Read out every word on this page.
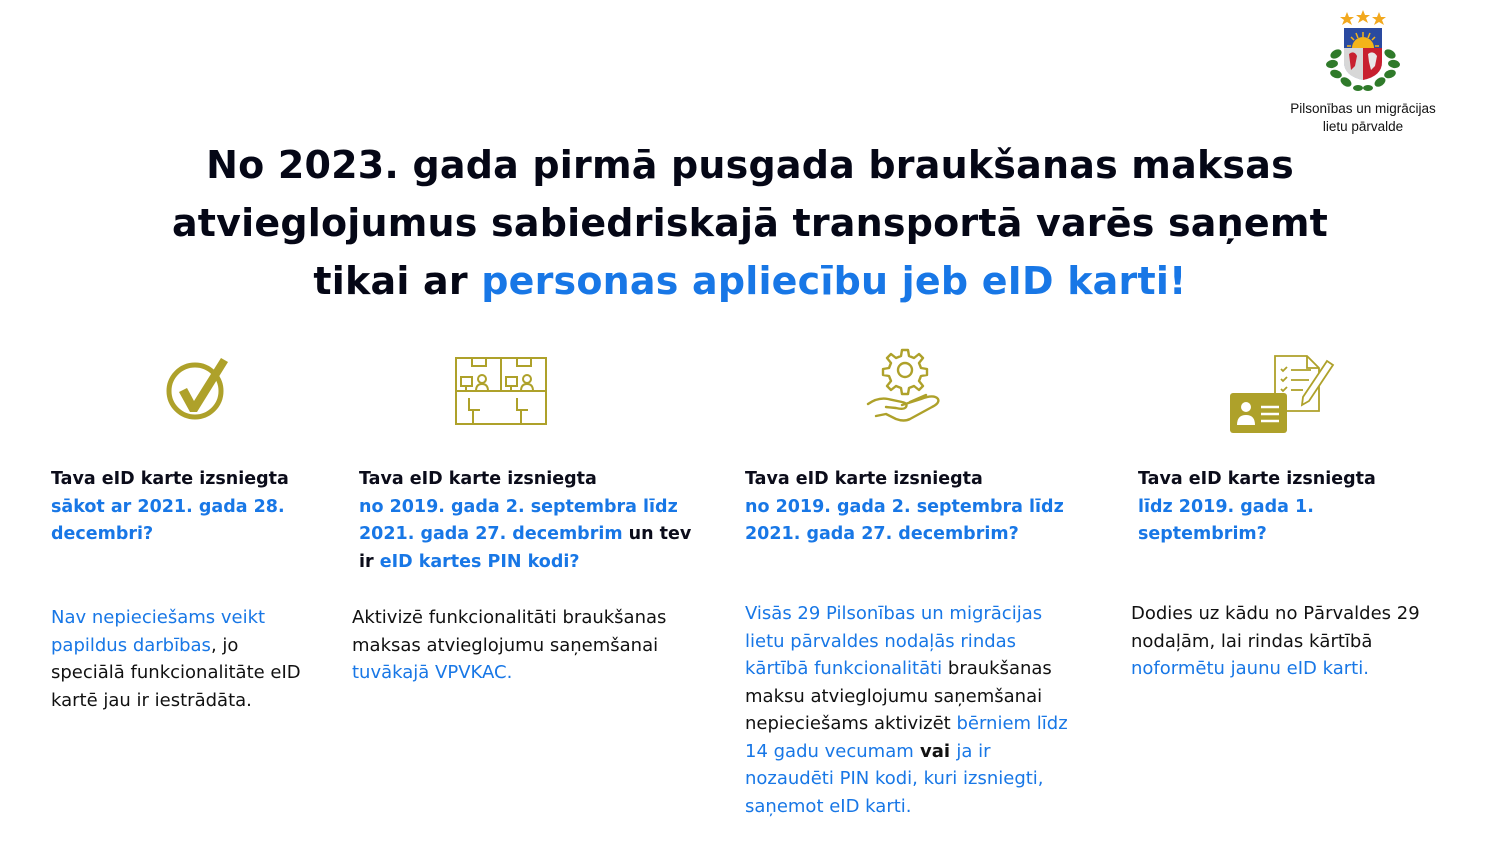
Pilsonības un migrācijas
lietu pārvalde
No 2023. gada pirmā pusgada braukšanas maksas
atvieglojumus sabiedriskajā transportā varēs saņemt
tikai ar personas apliecību jeb eID karti!
Tava eID karte izsniegta
sākot ar 2021. gada 28. decembri?
Nav nepieciešams veikt papildus darbības, jo speciālā funkcionalitāte eID kartē jau ir iestrādāta.
Tava eID karte izsniegta
no 2019. gada 2. septembra līdz 2021. gada 27. decembrim un tev ir eID kartes PIN kodi?
Aktivizē funkcionalitāti braukšanas maksas atvieglojumu saņemšanai tuvākajā VPVKAC.
Tava eID karte izsniegta
no 2019. gada 2. septembra līdz 2021. gada 27. decembrim?
Visās 29 Pilsonības un migrācijas lietu pārvaldes nodaļās rindas kārtībā funkcionalitāti braukšanas maksu atvieglojumu saņemšanai nepieciešams aktivizēt bērniem līdz 14 gadu vecumam vai ja ir nozaudēti PIN kodi, kuri izsniegti, saņemot eID karti.
Tava eID karte izsniegta
līdz 2019. gada 1. septembrim?
Dodies uz kādu no Pārvaldes 29 nodaļām, lai rindas kārtībā noformētu jaunu eID karti.
